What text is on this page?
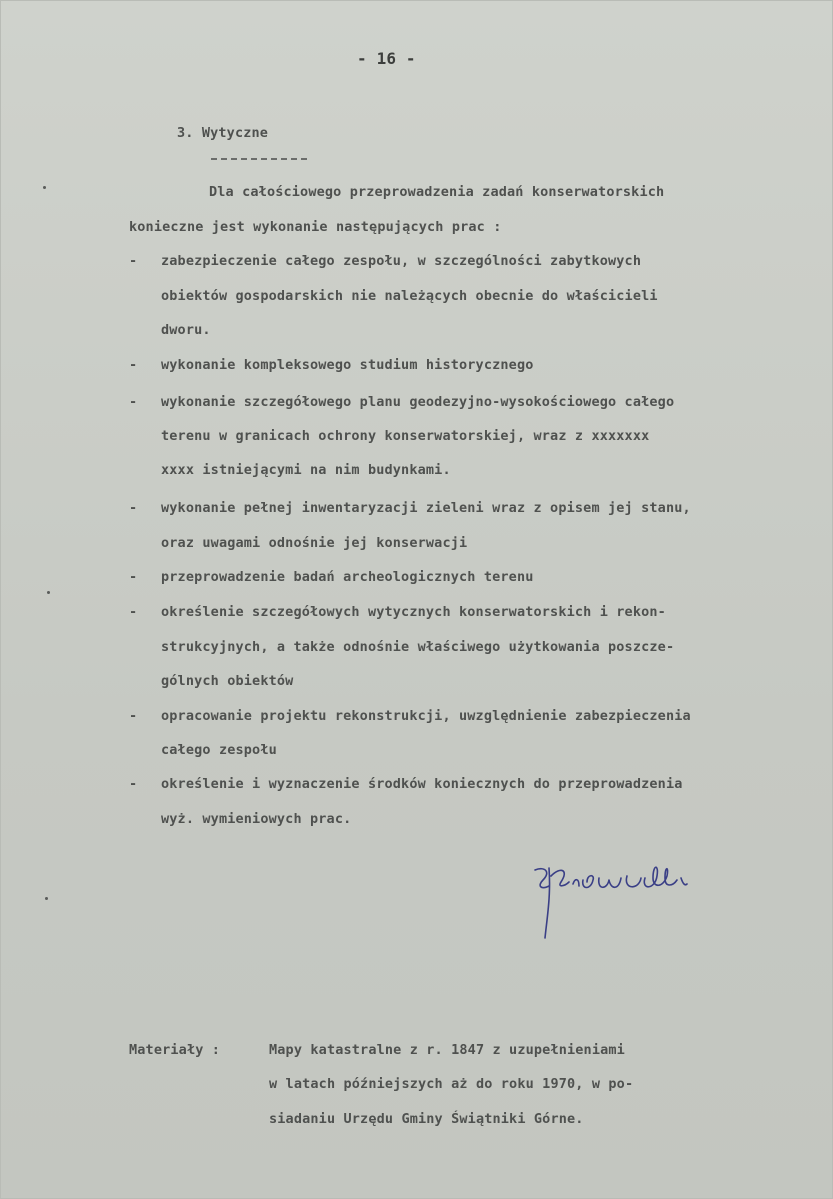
- 16 -
3. Wytyczne
Dla całościowego przeprowadzenia zadań konserwatorskich
konieczne jest wykonanie następujących prac :
- zabezpieczenie całego zespołu, w szczególności zabytkowych
obiektów gospodarskich nie należących obecnie do właścicieli
dworu.
- wykonanie kompleksowego studium historycznego
- wykonanie szczegółowego planu geodezyjno-wysokościowego całego
terenu w granicach ochrony konserwatorskiej, wraz z xxxxxxx
xxxx istniejącymi na nim budynkami.
- wykonanie pełnej inwentaryzacji zieleni wraz z opisem jej stanu,
oraz uwagami odnośnie jej konserwacji
- przeprowadzenie badań archeologicznych terenu
- określenie szczegółowych wytycznych konserwatorskich i rekon-
strukcyjnych, a także odnośnie właściwego użytkowania poszcze-
gólnych obiektów
- opracowanie projektu rekonstrukcji, uwzględnienie zabezpieczenia
całego zespołu
- określenie i wyznaczenie środków koniecznych do przeprowadzenia
wyż. wymieniowych prac.
Materiały :	Mapy katastralne z r. 1847 z uzupełnieniami
w latach późniejszych aż do roku 1970, w po-
siadaniu Urzędu Gminy Świątniki Górne.
